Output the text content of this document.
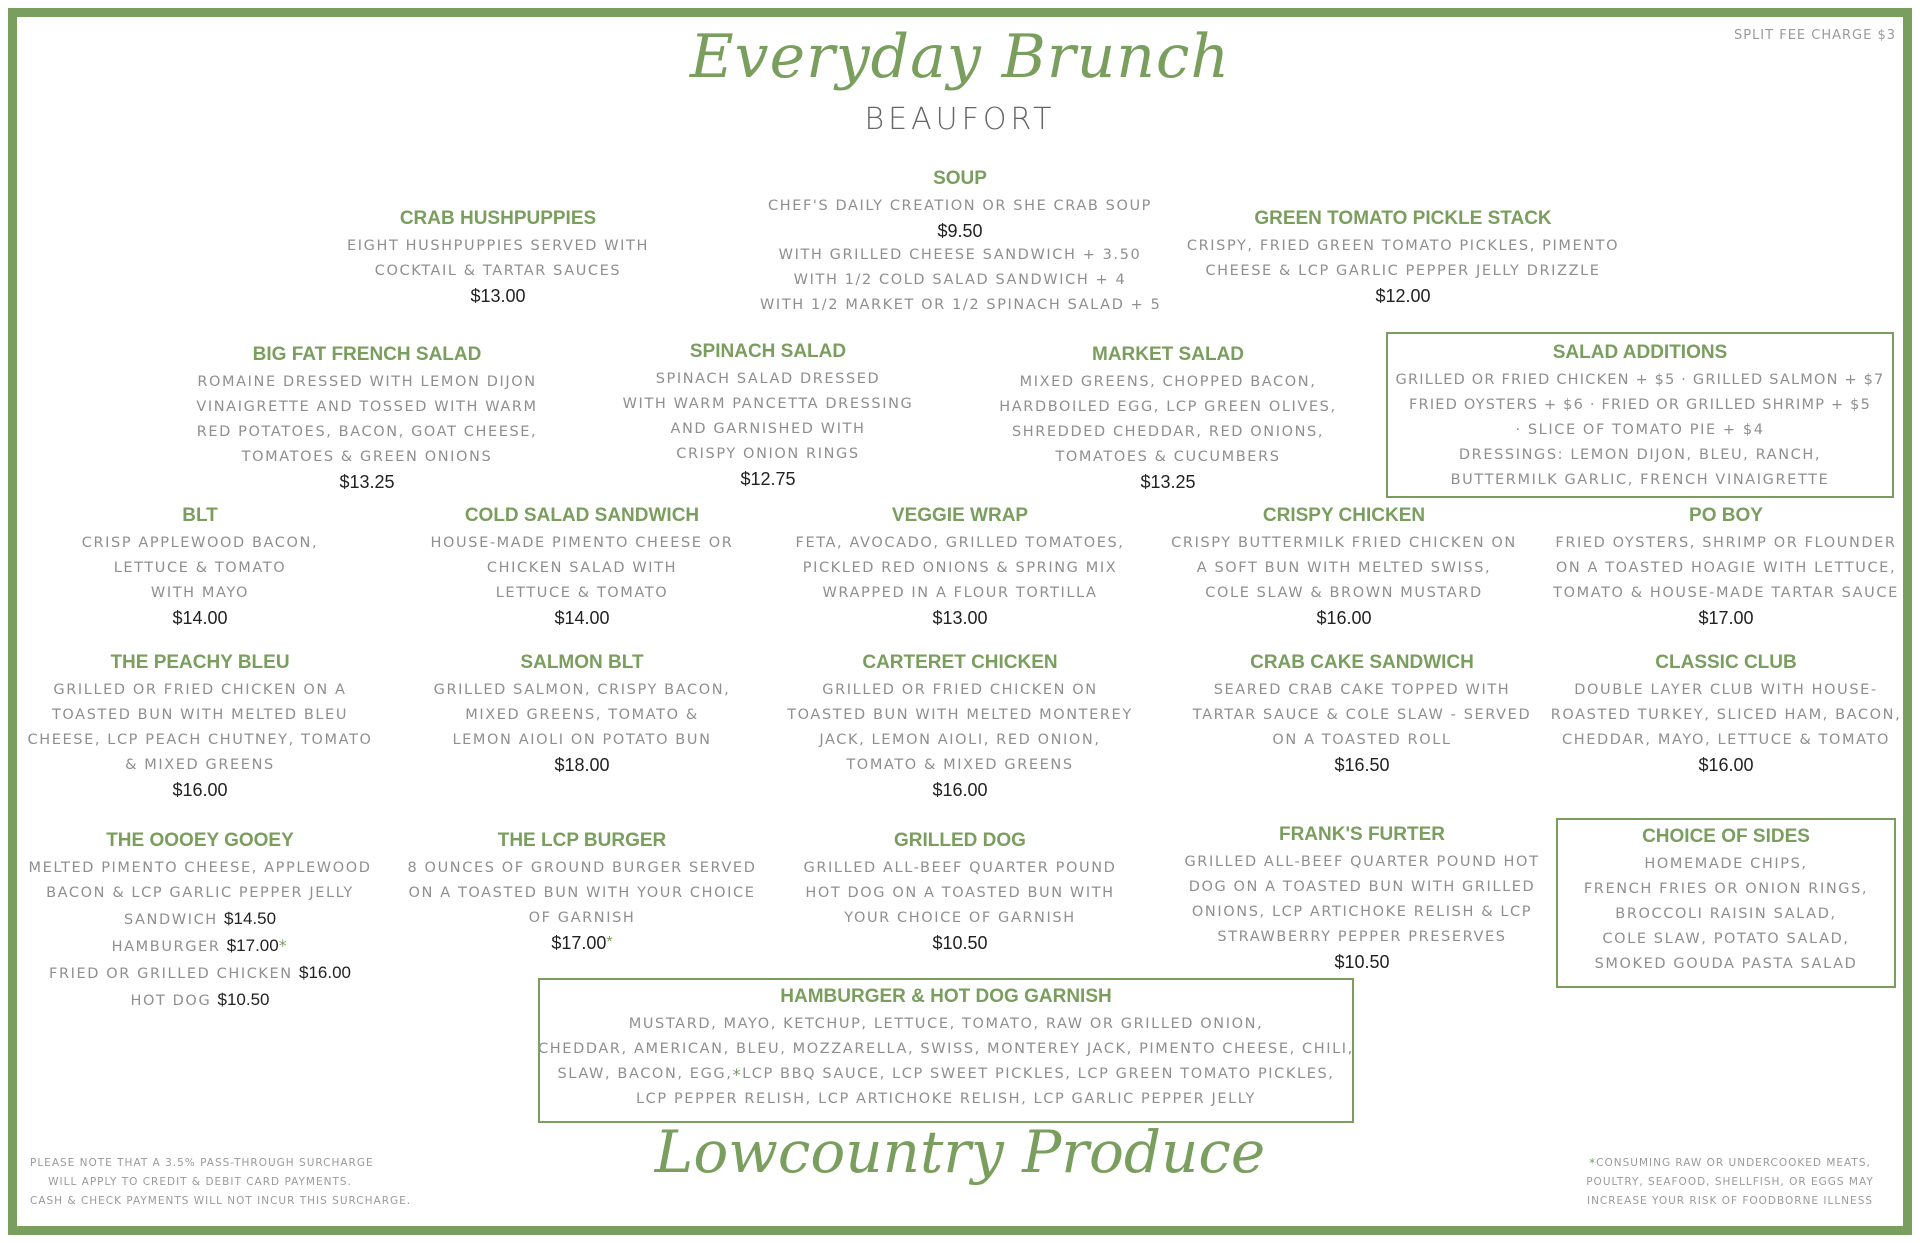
SPLIT FEE CHARGE $3
Everyday Brunch
BEAUFORT
SOUP
CHEF'S DAILY CREATION OR SHE CRAB SOUP
$9.50
WITH GRILLED CHEESE SANDWICH + 3.50
WITH 1/2 COLD SALAD SANDWICH + 4
WITH 1/2 MARKET OR 1/2 SPINACH SALAD + 5
CRAB HUSHPUPPIES
EIGHT HUSHPUPPIES SERVED WITH
COCKTAIL & TARTAR SAUCES
$13.00
GREEN TOMATO PICKLE STACK
CRISPY, FRIED GREEN TOMATO PICKLES, PIMENTO
CHEESE & LCP GARLIC PEPPER JELLY DRIZZLE
$12.00
BIG FAT FRENCH SALAD
ROMAINE DRESSED WITH LEMON DIJON
VINAIGRETTE AND TOSSED WITH WARM
RED POTATOES, BACON, GOAT CHEESE,
TOMATOES & GREEN ONIONS
$13.25
SPINACH SALAD
SPINACH SALAD DRESSED
WITH WARM PANCETTA DRESSING
AND GARNISHED WITH
CRISPY ONION RINGS
$12.75
MARKET SALAD
MIXED GREENS, CHOPPED BACON,
HARDBOILED EGG, LCP GREEN OLIVES,
SHREDDED CHEDDAR, RED ONIONS,
TOMATOES & CUCUMBERS
$13.25
SALAD ADDITIONS
GRILLED OR FRIED CHICKEN + $5 · GRILLED SALMON + $7
FRIED OYSTERS + $6 · FRIED OR GRILLED SHRIMP + $5
· SLICE OF TOMATO PIE + $4
DRESSINGS: LEMON DIJON, BLEU, RANCH,
BUTTERMILK GARLIC, FRENCH VINAIGRETTE
BLT
CRISP APPLEWOOD BACON,
LETTUCE & TOMATO
WITH MAYO
$14.00
COLD SALAD SANDWICH
HOUSE-MADE PIMENTO CHEESE OR
CHICKEN SALAD WITH
LETTUCE & TOMATO
$14.00
VEGGIE WRAP
FETA, AVOCADO, GRILLED TOMATOES,
PICKLED RED ONIONS & SPRING MIX
WRAPPED IN A FLOUR TORTILLA
$13.00
CRISPY CHICKEN
CRISPY BUTTERMILK FRIED CHICKEN ON
A SOFT BUN WITH MELTED SWISS,
COLE SLAW & BROWN MUSTARD
$16.00
PO BOY
FRIED OYSTERS, SHRIMP OR FLOUNDER
ON A TOASTED HOAGIE WITH LETTUCE,
TOMATO & HOUSE-MADE TARTAR SAUCE
$17.00
THE PEACHY BLEU
GRILLED OR FRIED CHICKEN ON A
TOASTED BUN WITH MELTED BLEU
CHEESE, LCP PEACH CHUTNEY, TOMATO
& MIXED GREENS
$16.00
SALMON BLT
GRILLED SALMON, CRISPY BACON,
MIXED GREENS, TOMATO &
LEMON AIOLI ON POTATO BUN
$18.00
CARTERET CHICKEN
GRILLED OR FRIED CHICKEN ON
TOASTED BUN WITH MELTED MONTEREY
JACK, LEMON AIOLI, RED ONION,
TOMATO & MIXED GREENS
$16.00
CRAB CAKE SANDWICH
SEARED CRAB CAKE TOPPED WITH
TARTAR SAUCE & COLE SLAW - SERVED
ON A TOASTED ROLL
$16.50
CLASSIC CLUB
DOUBLE LAYER CLUB WITH HOUSE-
ROASTED TURKEY, SLICED HAM, BACON,
CHEDDAR, MAYO, LETTUCE & TOMATO
$16.00
THE OOOEY GOOEY
MELTED PIMENTO CHEESE, APPLEWOOD
BACON & LCP GARLIC PEPPER JELLY
SANDWICH $14.50
HAMBURGER $17.00*
FRIED OR GRILLED CHICKEN $16.00
HOT DOG $10.50
THE LCP BURGER
8 OUNCES OF GROUND BURGER SERVED
ON A TOASTED BUN WITH YOUR CHOICE
OF GARNISH
$17.00*
GRILLED DOG
GRILLED ALL-BEEF QUARTER POUND
HOT DOG ON A TOASTED BUN WITH
YOUR CHOICE OF GARNISH
$10.50
FRANK'S FURTER
GRILLED ALL-BEEF QUARTER POUND HOT
DOG ON A TOASTED BUN WITH GRILLED
ONIONS, LCP ARTICHOKE RELISH & LCP
STRAWBERRY PEPPER PRESERVES
$10.50
CHOICE OF SIDES
HOMEMADE CHIPS,
FRENCH FRIES OR ONION RINGS,
BROCCOLI RAISIN SALAD,
COLE SLAW, POTATO SALAD,
SMOKED GOUDA PASTA SALAD
HAMBURGER & HOT DOG GARNISH
MUSTARD, MAYO, KETCHUP, LETTUCE, TOMATO, RAW OR GRILLED ONION,
CHEDDAR, AMERICAN, BLEU, MOZZARELLA, SWISS, MONTEREY JACK, PIMENTO CHEESE, CHILI,
SLAW, BACON, EGG,*LCP BBQ SAUCE, LCP SWEET PICKLES, LCP GREEN TOMATO PICKLES,
LCP PEPPER RELISH, LCP ARTICHOKE RELISH, LCP GARLIC PEPPER JELLY
PLEASE NOTE THAT A 3.5% PASS-THROUGH SURCHARGE
WILL APPLY TO CREDIT & DEBIT CARD PAYMENTS.
CASH & CHECK PAYMENTS WILL NOT INCUR THIS SURCHARGE.
Lowcountry Produce	*CONSUMING RAW OR UNDERCOOKED MEATS,
POULTRY, SEAFOOD, SHELLFISH, OR EGGS MAY
INCREASE YOUR RISK OF FOODBORNE ILLNESS
